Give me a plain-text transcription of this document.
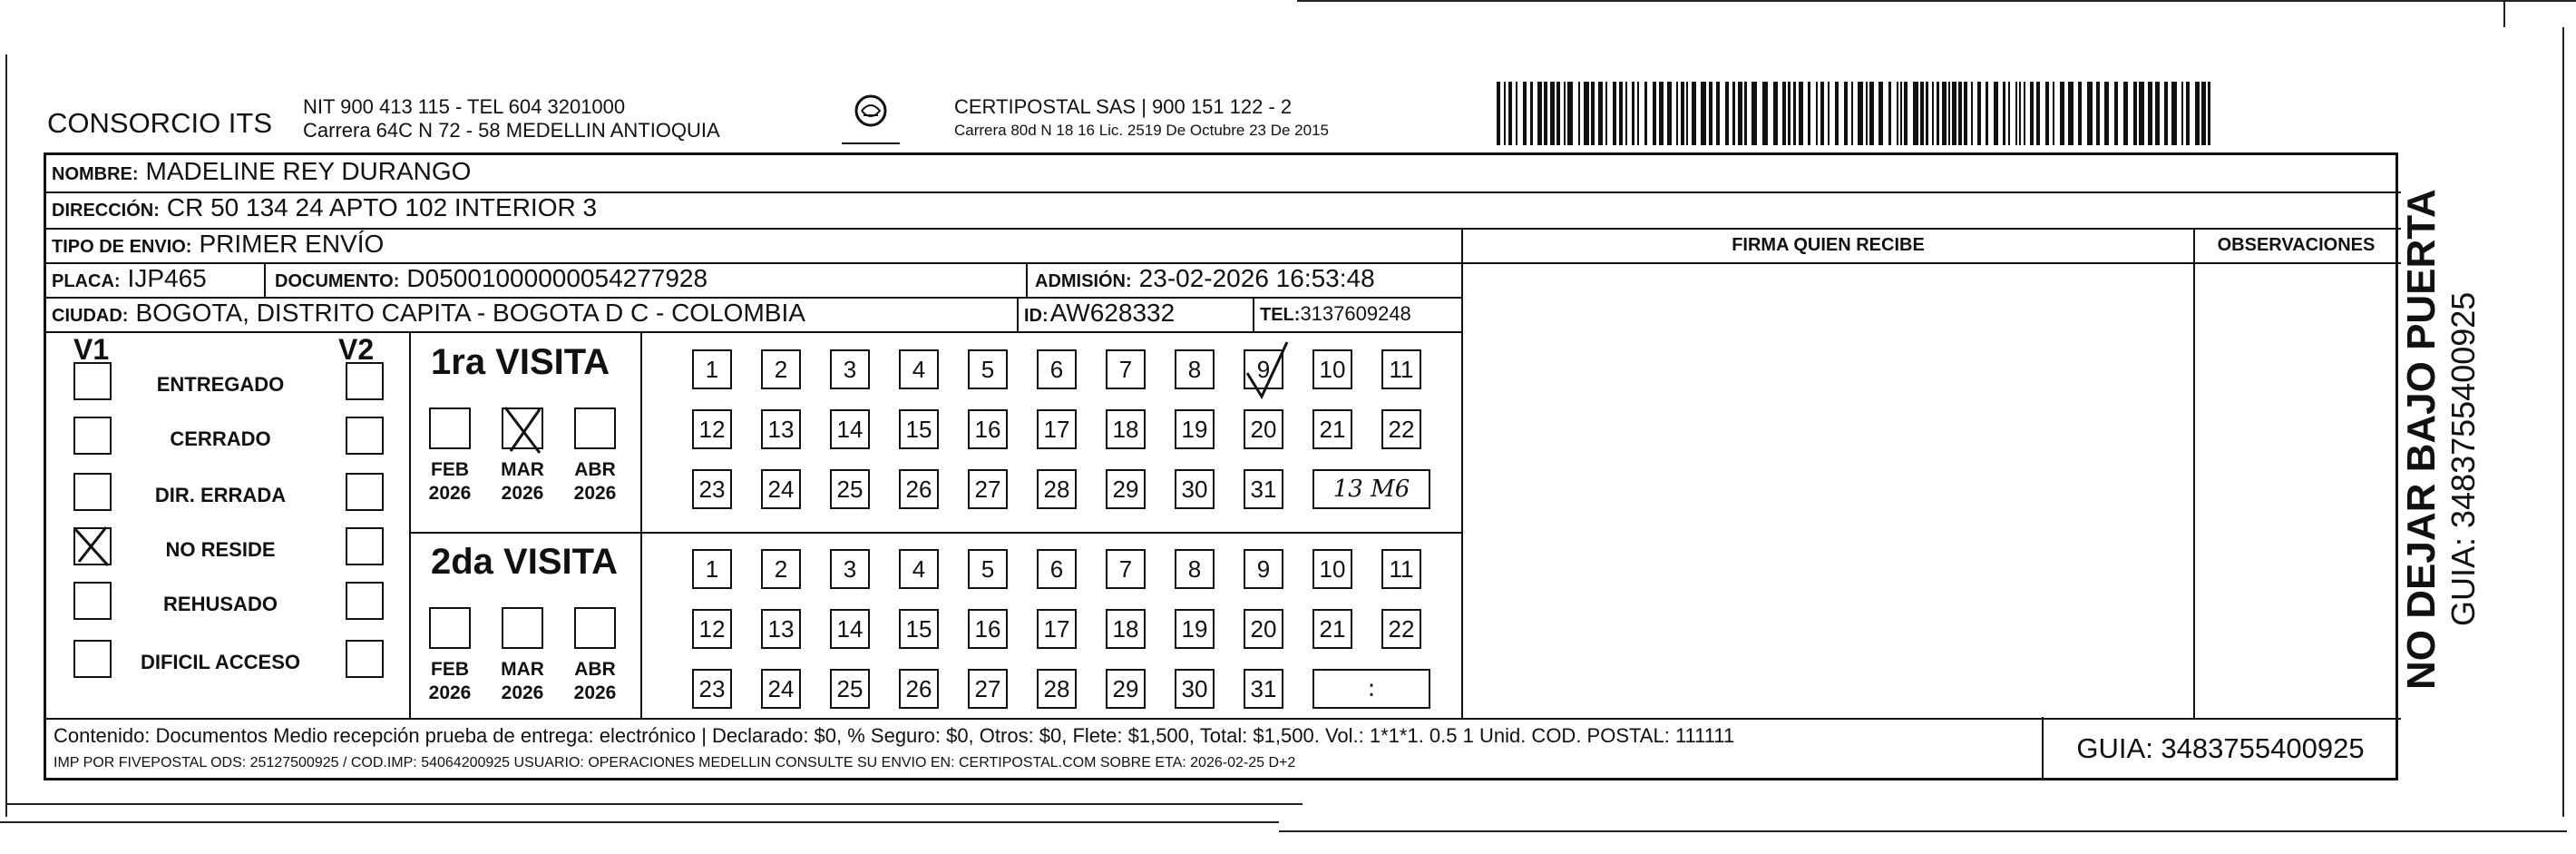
CONSORCIO ITS
NIT 900 413 115 - TEL 604 3201000
Carrera 64C N 72 - 58 MEDELLIN ANTIOQUIA
CERTIPOSTAL SAS | 900 151 122 - 2
Carrera 80d N 18 16 Lic. 2519 De Octubre 23 De 2015
NOMBRE: MADELINE REY DURANGO
DIRECCIÓN: CR 50 134 24 APTO 102 INTERIOR 3
TIPO DE ENVIO: PRIMER ENVÍO
PLACA: IJP465	DOCUMENTO: D05001000000054277928	ADMISIÓN: 23-02-2026 16:53:48
CIUDAD: BOGOTA, DISTRITO CAPITA - BOGOTA D C - COLOMBIA	ID:AW628332	TEL:3137609248
FIRMA QUIEN RECIBE	OBSERVACIONES
V1	V2
ENTREGADO
CERRADO
DIR. ERRADA
NO RESIDE
REHUSADO
DIFICIL ACCESO
1ra VISITA
FEB
2026
MAR
2026
ABR
2026
1	2	3	4	5	6	7	8	9	10	11
12 13 14 15 16 17 18 19 20 21 22
23 24 25 26 27 28 29 30 31	13 M6
2da VISITA
FEB
2026
MAR
2026
ABR
2026
1	2	3	4	5	6	7	8	9	10	11
12 13 14 15 16 17 18 19 20 21 22
23 24 25 26 27 28 29 30 31	:
Contenido: Documentos Medio recepción prueba de entrega: electrónico | Declarado: $0, % Seguro: $0, Otros: $0, Flete: $1,500, Total: $1,500. Vol.: 1*1*1. 0.5 1 Unid. COD. POSTAL: 111111
IMP POR FIVEPOSTAL ODS: 25127500925 / COD.IMP: 54064200925 USUARIO: OPERACIONES MEDELLIN CONSULTE SU ENVIO EN: CERTIPOSTAL.COM SOBRE ETA: 2026-02-25 D+2	GUIA: 3483755400925
NO DEJAR BAJO PUERTA GUIA: 3483755400925
